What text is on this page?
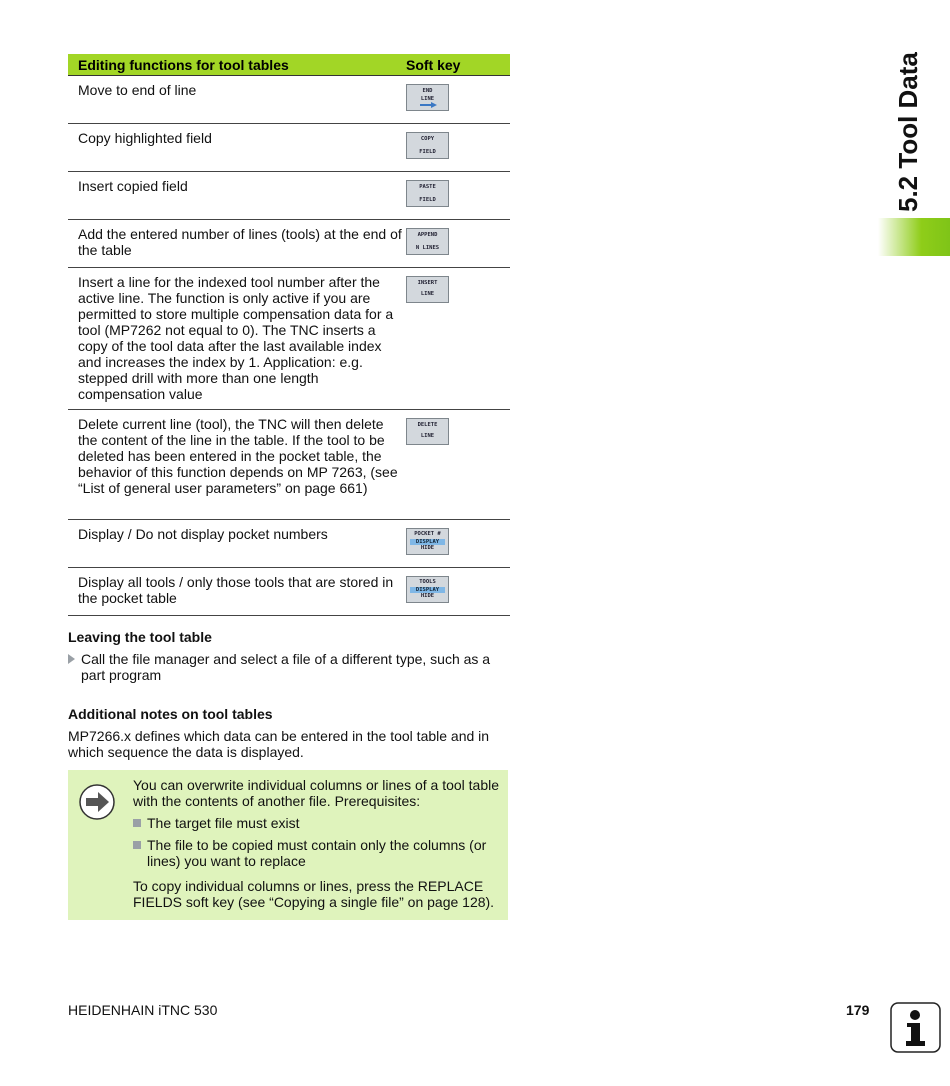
Editing functions for tool tables	Soft key
Move to end of line	END
LINE

Copy highlighted field	COPY
FIELD

Insert copied field	PASTE
FIELD

Add the entered number of lines (tools) at the end of the table	APPEND
N LINES

Insert a line for the indexed tool number after the active line. The function is only active if you are permitted to store multiple compensation data for a tool (MP7262 not equal to 0). The TNC inserts a copy of the tool data after the last available index and increases the index by 1. Application: e.g. stepped drill with more than one length compensation value	INSERT
LINE

Delete current line (tool), the TNC will then delete the content of the line in the table. If the tool to be deleted has been entered in the pocket table, the behavior of this function depends on MP 7263, (see “List of general user parameters” on page 661)	DELETE
LINE

Display / Do not display pocket numbers	POCKET #
DISPLAY
HIDE

Display all tools / only those tools that are stored in the pocket table	TOOLS
DISPLAY
HIDE
Leaving the tool table
Call the file manager and select a file of a different type, such as a part program
Additional notes on tool tables

MP7266.x defines which data can be entered in the tool table and in which sequence the data is displayed.

You can overwrite individual columns or lines of a tool table with the contents of another file. Prerequisites:

The target file must exist
The file to be copied must contain only the columns (or lines) you want to replace

To copy individual columns or lines, press the REPLACE FIELDS soft key (see “Copying a single file” on page 128).

5.2 Tool Data
HEIDENHAIN iTNC 530	179
